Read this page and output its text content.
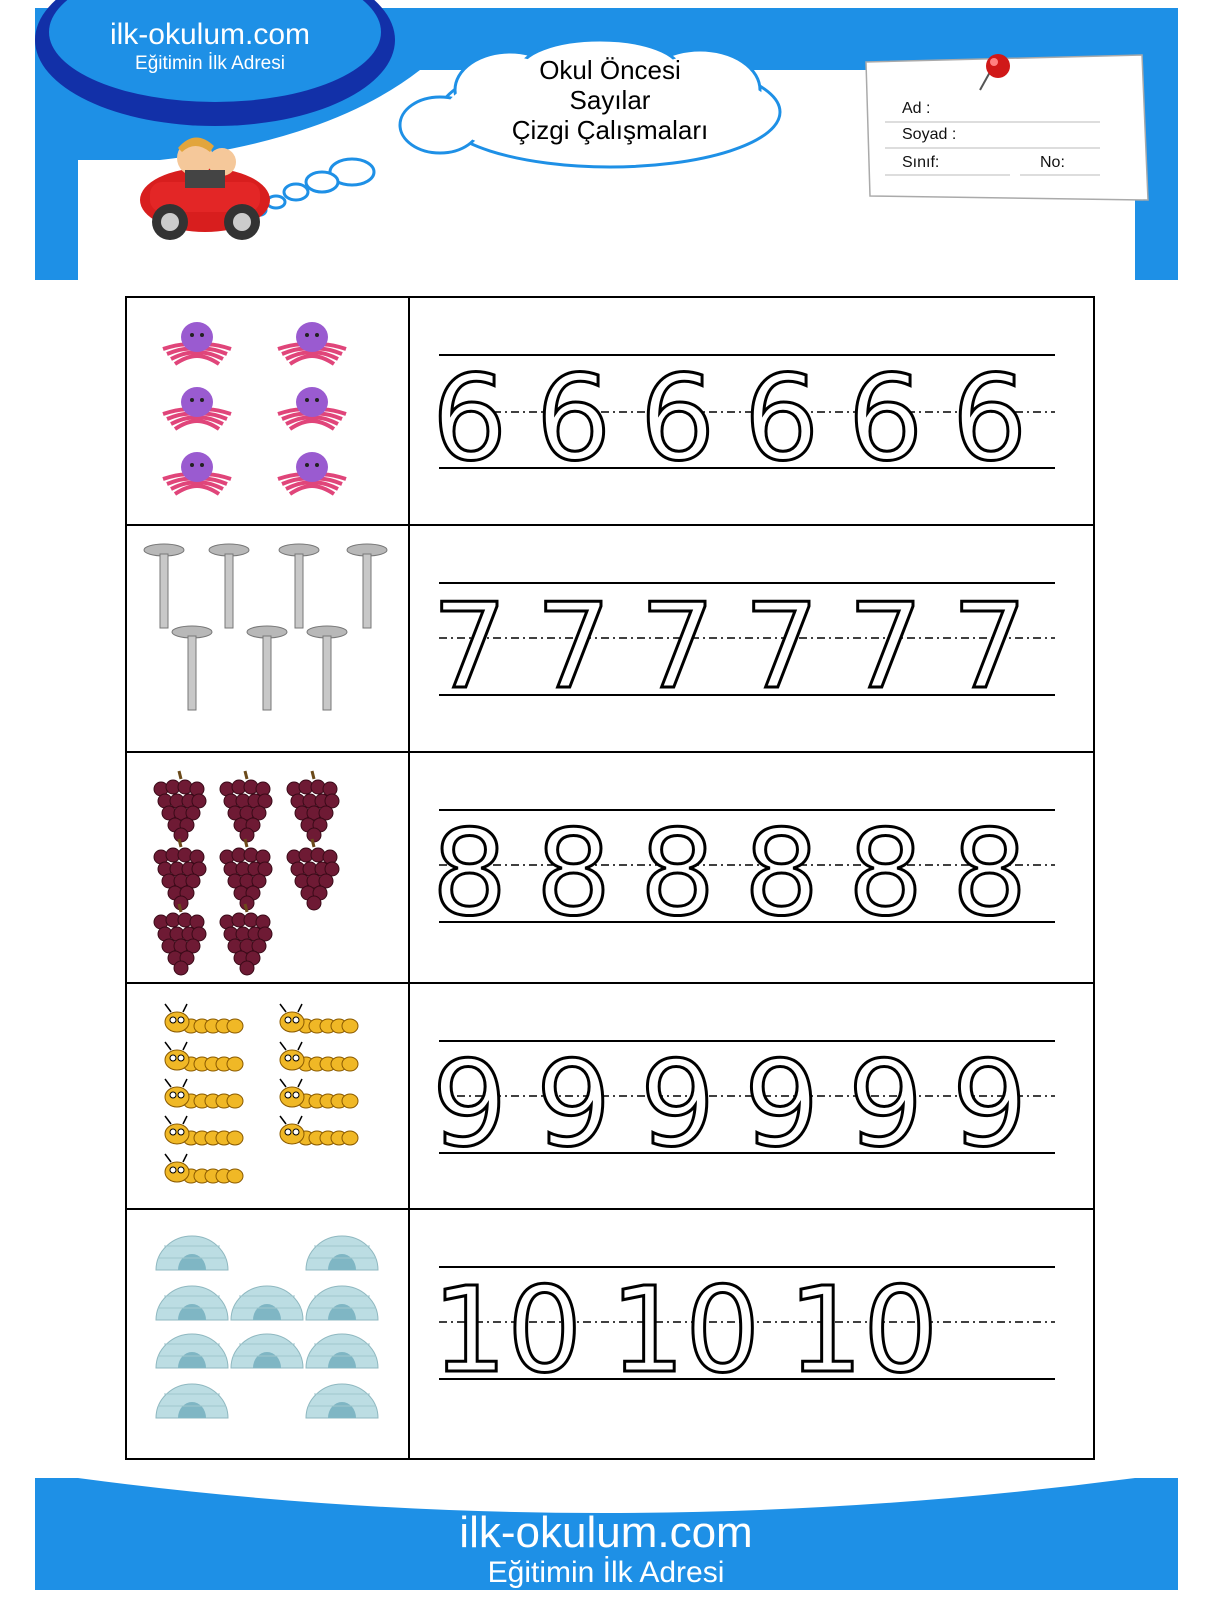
ilk-okulum.com
Eğitimin İlk Adresi	Okul Öncesi
Sayılar
Çizgi Çalışmaları
Ad :
Soyad :
Sınıf:	No:
6 6 6 6 6 6
7 7 7 7 7 7
8 8 8 8 8 8
9 9 9 9 9 9
10 10 10
ilk-okulum.com
Eğitimin İlk Adresi
